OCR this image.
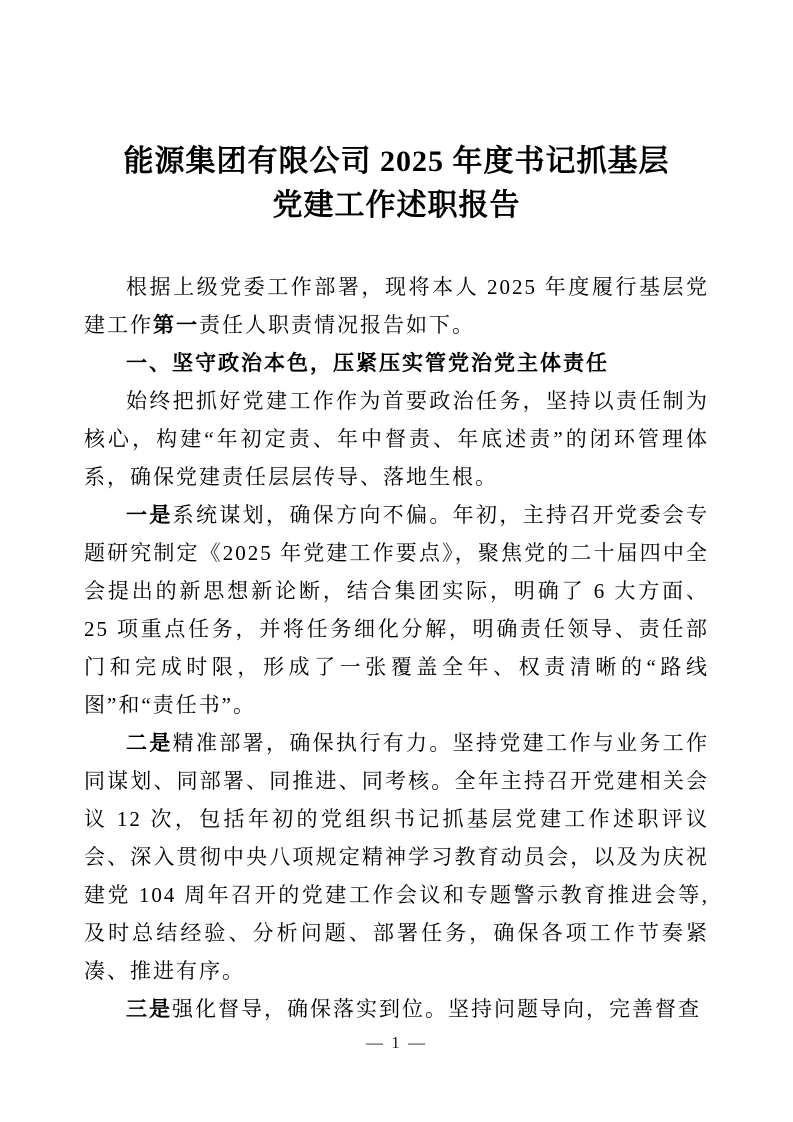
能源集团有限公司 2025 年度书记抓基层
党建工作述职报告

根据上级党委工作部署，现将本人 2025 年度履行基层党建工作第一责任人职责情况报告如下。

一、坚守政治本色，压紧压实管党治党主体责任

始终把抓好党建工作作为首要政治任务，坚持以责任制为核心，构建“年初定责、年中督责、年底述责”的闭环管理体系，确保党建责任层层传导、落地生根。

一是系统谋划，确保方向不偏。年初，主持召开党委会专题研究制定《2025 年党建工作要点》，聚焦党的二十届四中全会提出的新思想新论断，结合集团实际，明确了 6 大方面、25 项重点任务，并将任务细化分解，明确责任领导、责任部门和完成时限，形成了一张覆盖全年、权责清晰的“路线图”和“责任书”。

二是精准部署，确保执行有力。坚持党建工作与业务工作同谋划、同部署、同推进、同考核。全年主持召开党建相关会议 12 次，包括年初的党组织书记抓基层党建工作述职评议会、深入贯彻中央八项规定精神学习教育动员会，以及为庆祝建党 104 周年召开的党建工作会议和专题警示教育推进会等,及时总结经验、分析问题、部署任务，确保各项工作节奏紧凑、推进有序。

三是强化督导，确保落实到位。坚持问题导向，完善督查

— 1 —
